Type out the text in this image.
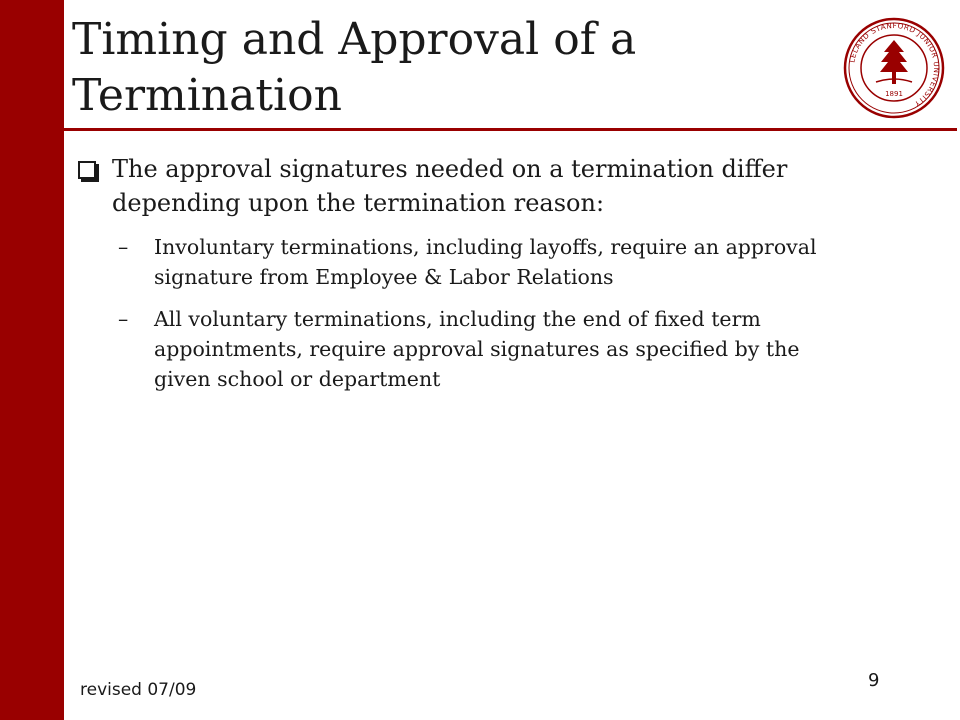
Timing and Approval of a Termination
LELAND STANFORD JUNIOR UNIVERSITY
1891
The approval signatures needed on a termination differ depending upon the termination reason:
–	Involuntary terminations, including layoffs, require an approval signature from Employee & Labor Relations
–	All voluntary terminations, including the end of fixed term appointments, require approval signatures as specified by the given school or department
revised 07/09	9
